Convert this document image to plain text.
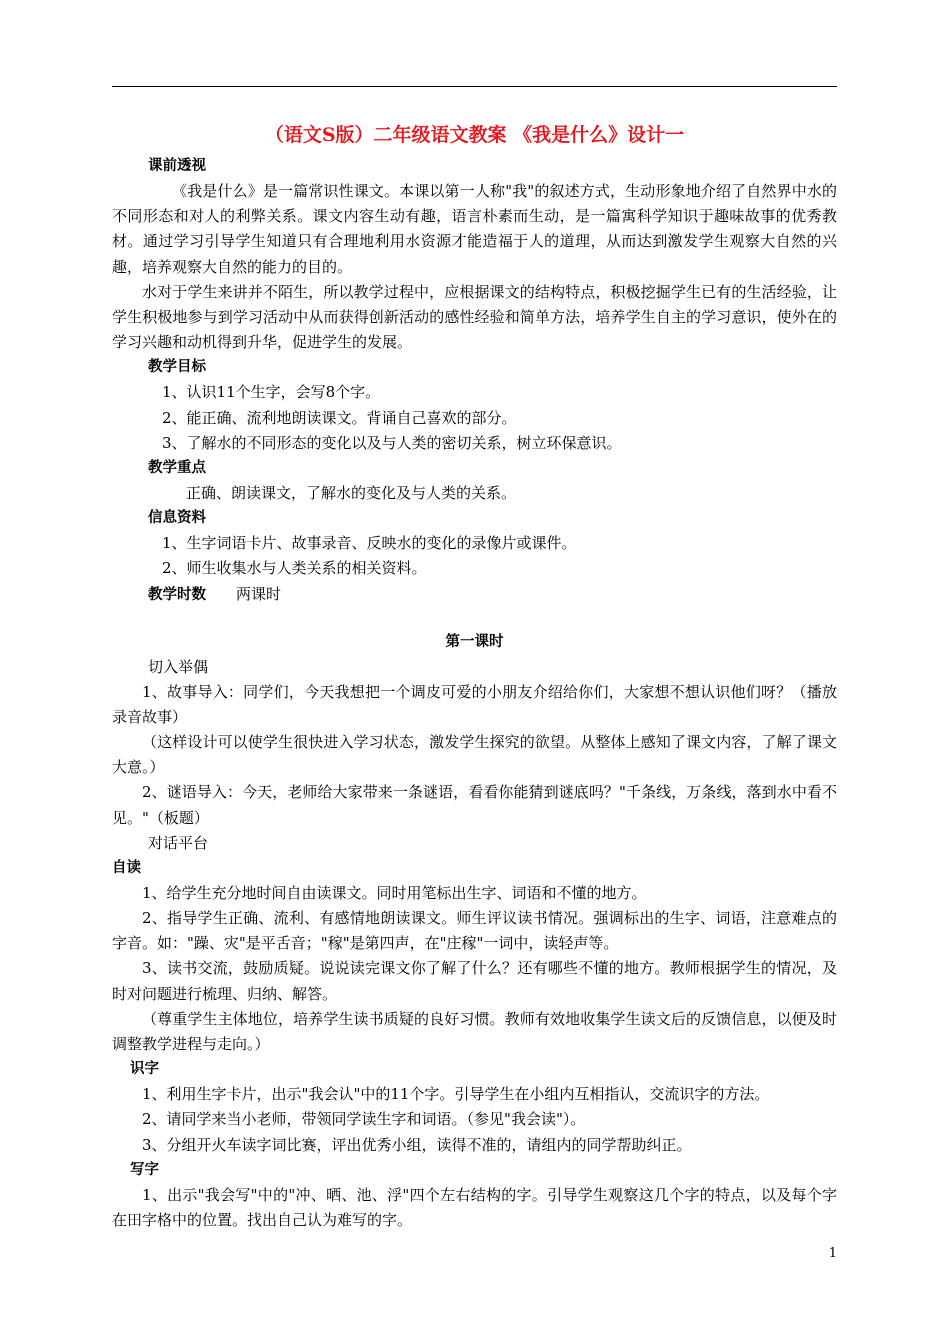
（语文S版）二年级语文教案 《我是什么》设计一
课前透视

《我是什么》是一篇常识性课文。本课以第一人称"我"的叙述方式，生动形象地介绍了自然界中水的不同形态和对人的利弊关系。课文内容生动有趣，语言朴素而生动，是一篇寓科学知识于趣味故事的优秀教材。通过学习引导学生知道只有合理地利用水资源才能造福于人的道理，从而达到激发学生观察大自然的兴趣，培养观察大自然的能力的目的。

水对于学生来讲并不陌生，所以教学过程中，应根据课文的结构特点，积极挖掘学生已有的生活经验，让学生积极地参与到学习活动中从而获得创新活动的感性经验和简单方法，培养学生自主的学习意识，使外在的学习兴趣和动机得到升华，促进学生的发展。

教学目标

1、认识11个生字，会写8个字。

2、能正确、流利地朗读课文。背诵自己喜欢的部分。

3、了解水的不同形态的变化以及与人类的密切关系，树立环保意识。

教学重点

正确、朗读课文，了解水的变化及与人类的关系。

信息资料

1、生字词语卡片、故事录音、反映水的变化的录像片或课件。

2、师生收集水与人类关系的相关资料。

教学时数 两课时
第一课时
切入举偶

1、故事导入：同学们，今天我想把一个调皮可爱的小朋友介绍给你们，大家想不想认识他们呀？（播放录音故事）

（这样设计可以使学生很快进入学习状态，激发学生探究的欲望。从整体上感知了课文内容，了解了课文大意。）

2、谜语导入：今天，老师给大家带来一条谜语，看看你能猜到谜底吗？"千条线，万条线，落到水中看不见。"（板题）

对话平台
自读

1、给学生充分地时间自由读课文。同时用笔标出生字、词语和不懂的地方。

2、指导学生正确、流利、有感情地朗读课文。师生评议读书情况。强调标出的生字、词语，注意难点的字音。如："躁、灾"是平舌音；"稼"是第四声，在"庄稼"一词中，读轻声等。

3、读书交流，鼓励质疑。说说读完课文你了解了什么？还有哪些不懂的地方。教师根据学生的情况，及时对问题进行梳理、归纳、解答。

（尊重学生主体地位，培养学生读书质疑的良好习惯。教师有效地收集学生读文后的反馈信息，以便及时调整教学进程与走向。）

识字

1、利用生字卡片，出示"我会认"中的11个字。引导学生在小组内互相指认，交流识字的方法。

2、请同学来当小老师，带领同学读生字和词语。（参见"我会读"）。

3、分组开火车读字词比赛，评出优秀小组，读得不准的，请组内的同学帮助纠正。

写字

1、出示"我会写"中的"冲、晒、池、浮"四个左右结构的字。引导学生观察这几个字的特点，以及每个字在田字格中的位置。找出自己认为难写的字。

1
